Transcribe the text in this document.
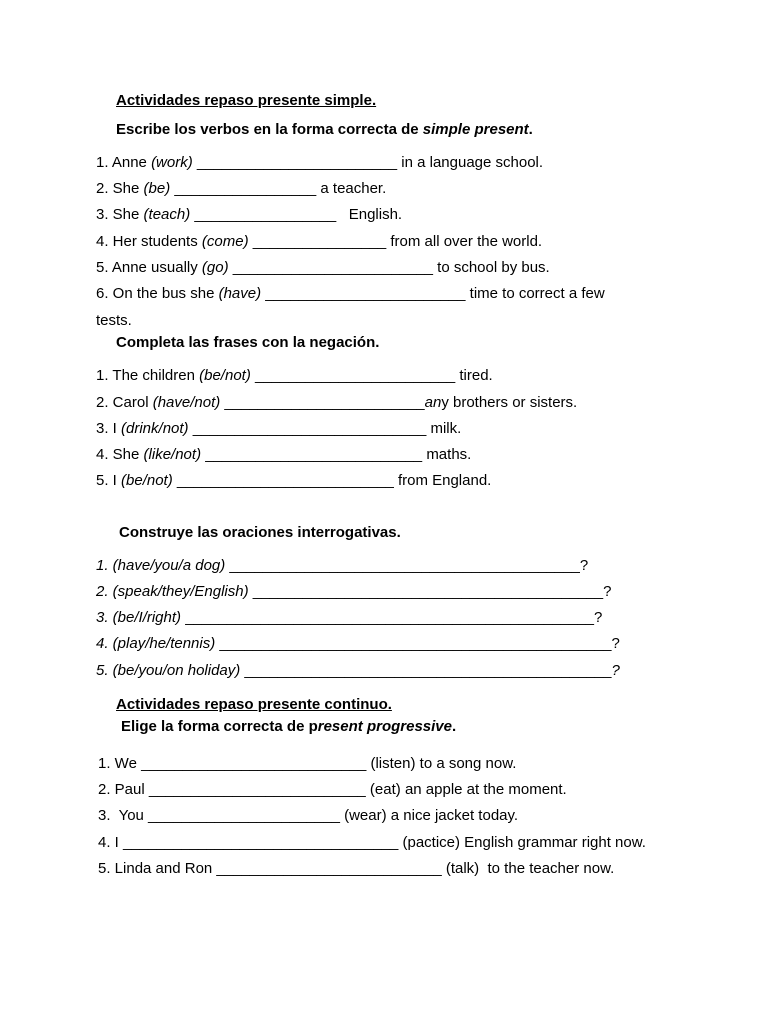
Actividades repaso presente simple.
Escribe los verbos en la forma correcta de simple present.
1. Anne (work) ________________________ in a language school.
2. She (be) _________________ a teacher.
3. She (teach) _________________   English.
4. Her students (come) ________________ from all over the world.
5. Anne usually (go) ________________________ to school by bus.
6. On the bus she (have) ________________________ time to correct a few
tests.
Completa las frases con la negación.
1. The children (be/not) ________________________ tired.
2. Carol (have/not) ________________________any brothers or sisters.
3. I (drink/not) ____________________________ milk.
4. She (like/not) __________________________ maths.
5. I (be/not) __________________________ from England.
Construye las oraciones interrogativas.
1. (have/you/a dog) __________________________________________?
2. (speak/they/English) __________________________________________?
3. (be/I/right) _________________________________________________?
4. (play/he/tennis) _______________________________________________?
5. (be/you/on holiday) ____________________________________________?
Actividades repaso presente continuo.
Elige la forma correcta de present progressive.
1. We ___________________________ (listen) to a song now.
2. Paul __________________________ (eat) an apple at the moment.
3.  You _______________________ (wear) a nice jacket today.
4. I _________________________________ (pactice) English grammar right now.
5. Linda and Ron ___________________________ (talk)  to the teacher now.
